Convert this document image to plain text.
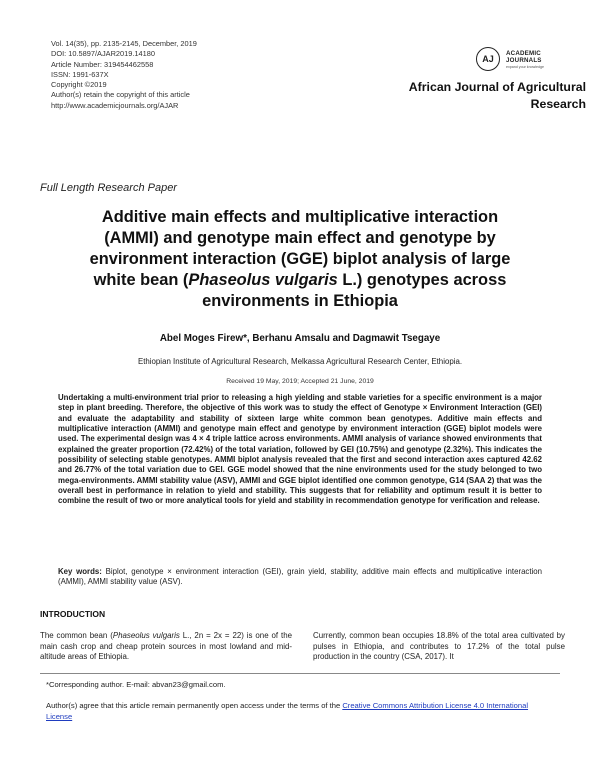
Vol. 14(35), pp. 2135-2145, December, 2019
DOI: 10.5897/AJAR2019.14180
Article Number: 319454462558
ISSN: 1991-637X
Copyright ©2019
Author(s) retain the copyright of this article
http://www.academicjournals.org/AJAR
AJ
ACADEMIC
JOURNALS
expand your knowledge
African Journal of Agricultural Research
Full Length Research Paper
Additive main effects and multiplicative interaction
(AMMI) and genotype main effect and genotype by
environment interaction (GGE) biplot analysis of large
white bean (Phaseolus vulgaris L.) genotypes across
environments in Ethiopia
Abel Moges Firew*, Berhanu Amsalu and Dagmawit Tsegaye
Ethiopian Institute of Agricultural Research, Melkassa Agricultural Research Center, Ethiopia.
Received 19 May, 2019; Accepted 21 June, 2019
Undertaking a multi-environment trial prior to releasing a high yielding and stable varieties for a specific environment is a major step in plant breeding. Therefore, the objective of this work was to study the effect of Genotype × Environment Interaction (GEI) and evaluate the adaptability and stability of sixteen large white common bean genotypes. Additive main effects and multiplicative interaction (AMMI) and genotype main effect and genotype by environment interaction (GGE) biplot models were used. The experimental design was 4 × 4 triple lattice across environments. AMMI analysis of variance showed environments that explained the greater proportion (72.42%) of the total variation, followed by GEI (10.75%) and genotype (2.32%). This indicates the possibility of selecting stable genotypes. AMMI biplot analysis revealed that the first and second interaction axes captured 42.62 and 26.77% of the total variation due to GEI. GGE model showed that the nine environments used for the study belonged to two mega-environments. AMMI stability value (ASV), AMMI and GGE biplot identified one common genotype, G14 (SAA 2) that was the overall best in performance in relation to yield and stability. This suggests that for reliability and optimum result it is better to combine the result of two or more analytical tools for yield and stability in recommendation genotype for verification and release.
Key words: Biplot, genotype × environment interaction (GEI), grain yield, stability, additive main effects and multiplicative interaction (AMMI), AMMI stability value (ASV).
INTRODUCTION
The common bean (Phaseolus vulgaris L., 2n = 2x = 22) is one of the main cash crop and cheap protein sources in most lowland and mid-altitude areas of Ethiopia.
Currently, common bean occupies 18.8% of the total area cultivated by pulses in Ethiopia, and contributes to 17.2% of the total pulse production in the country (CSA, 2017). It
*Corresponding author. E-mail: abvan23@gmail.com.
Author(s) agree that this article remain permanently open access under the terms of the Creative Commons Attribution License 4.0 International License
